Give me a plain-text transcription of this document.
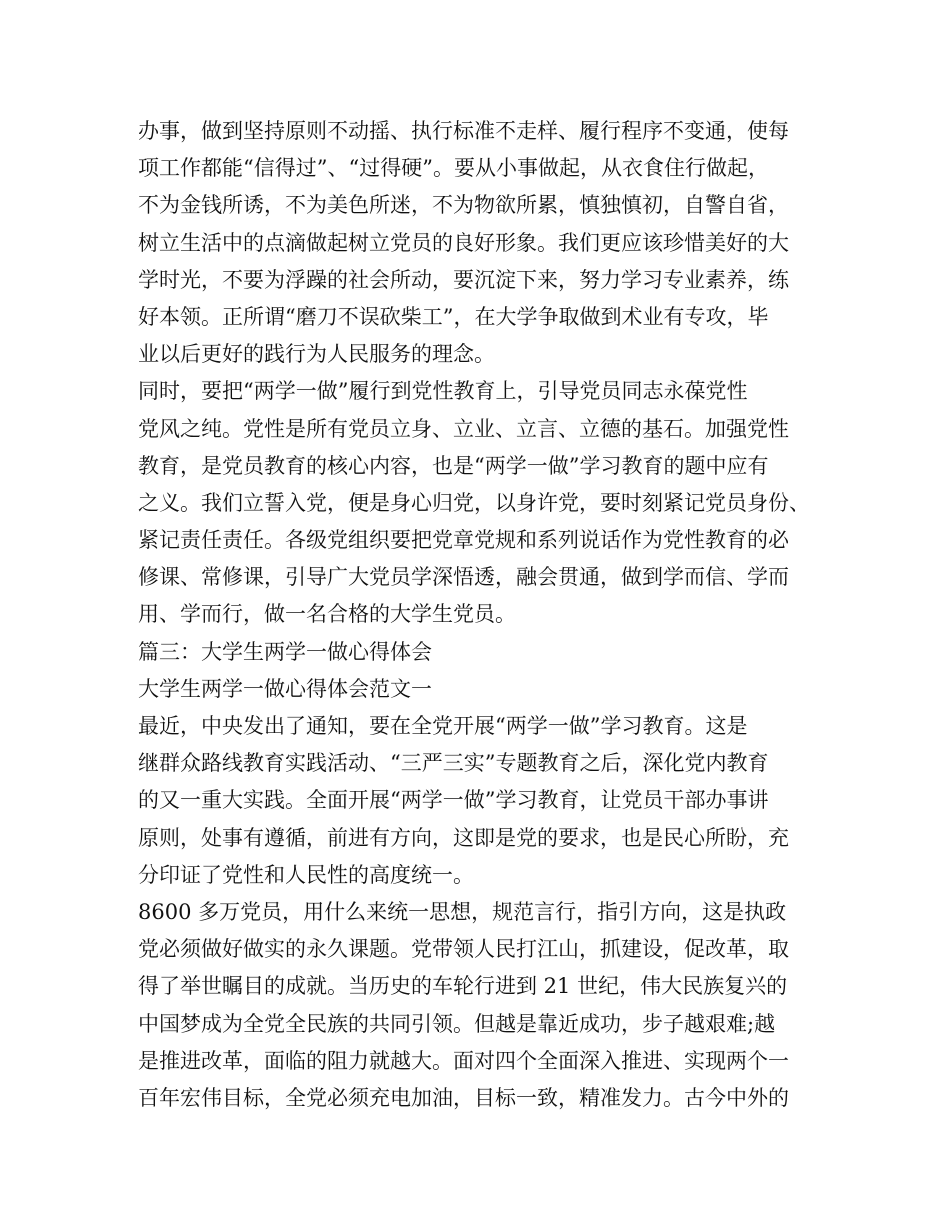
办事，做到坚持原则不动摇、执行标准不走样、履行程序不变通，使每
项工作都能“信得过”、“过得硬”。要从小事做起，从衣食住行做起，
不为金钱所诱，不为美色所迷，不为物欲所累，慎独慎初，自警自省，
树立生活中的点滴做起树立党员的良好形象。我们更应该珍惜美好的大
学时光，不要为浮躁的社会所动，要沉淀下来，努力学习专业素养，练
好本领。正所谓“磨刀不误砍柴工”，在大学争取做到术业有专攻，毕
业以后更好的践行为人民服务的理念。
同时，要把“两学一做”履行到党性教育上，引导党员同志永葆党性
党风之纯。党性是所有党员立身、立业、立言、立德的基石。加强党性
教育，是党员教育的核心内容，也是“两学一做”学习教育的题中应有
之义。我们立誓入党，便是身心归党，以身许党，要时刻紧记党员身份、
紧记责任责任。各级党组织要把党章党规和系列说话作为党性教育的必
修课、常修课，引导广大党员学深悟透，融会贯通，做到学而信、学而
用、学而行，做一名合格的大学生党员。
篇三：大学生两学一做心得体会
大学生两学一做心得体会范文一
最近，中央发出了通知，要在全党开展“两学一做”学习教育。这是
继群众路线教育实践活动、“三严三实”专题教育之后，深化党内教育
的又一重大实践。全面开展“两学一做”学习教育，让党员干部办事讲
原则，处事有遵循，前进有方向，这即是党的要求，也是民心所盼，充
分印证了党性和人民性的高度统一。
8600 多万党员，用什么来统一思想，规范言行，指引方向，这是执政
党必须做好做实的永久课题。党带领人民打江山，抓建设，促改革，取
得了举世瞩目的成就。当历史的车轮行进到 21 世纪，伟大民族复兴的
中国梦成为全党全民族的共同引领。但越是靠近成功，步子越艰难;越
是推进改革，面临的阻力就越大。面对四个全面深入推进、实现两个一
百年宏伟目标，全党必须充电加油，目标一致，精准发力。古今中外的
